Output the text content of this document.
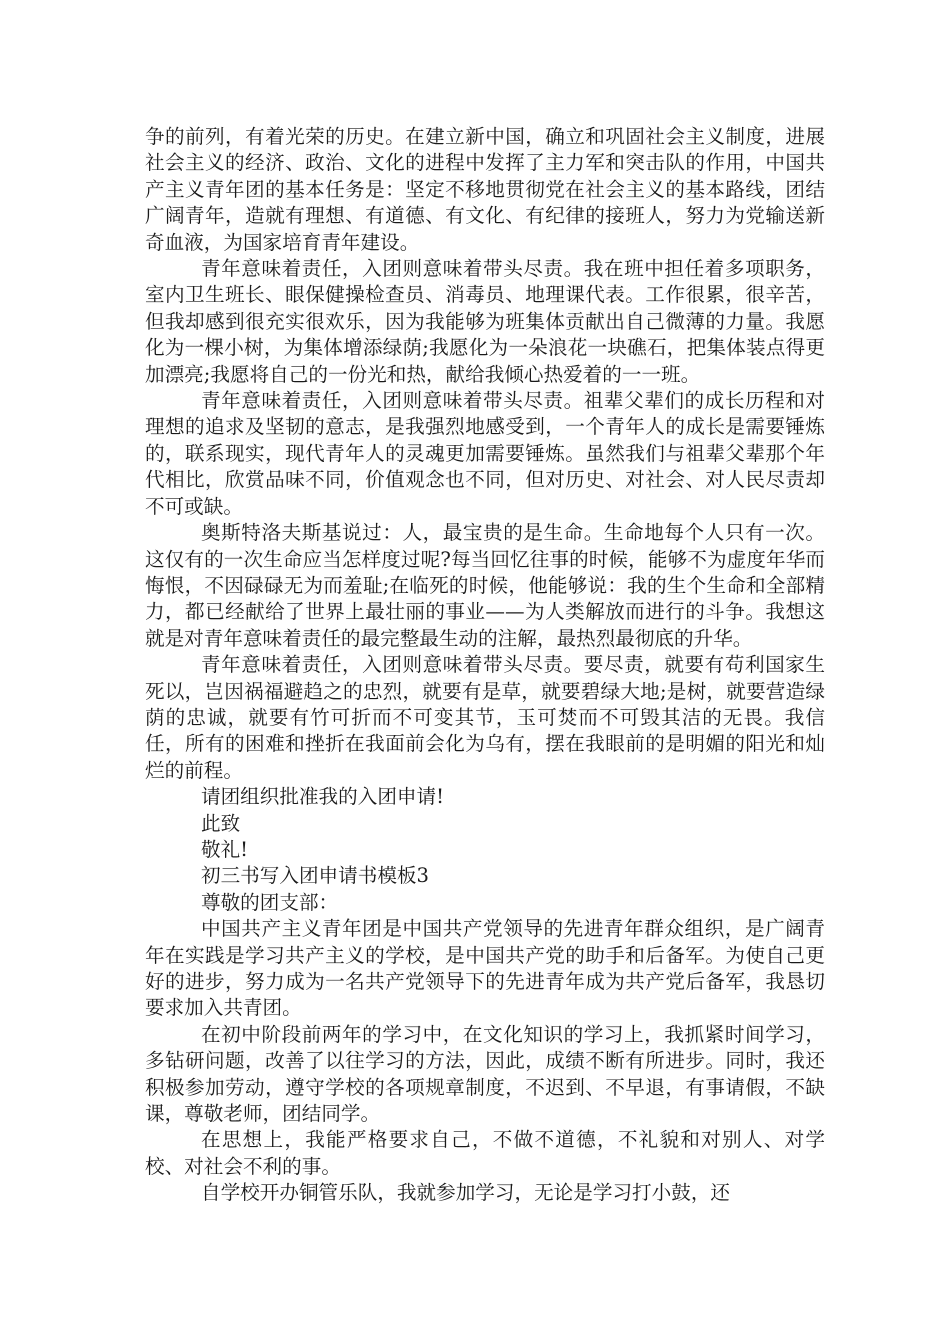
争的前列，有着光荣的历史。在建立新中国，确立和巩固社会主义制度，进展社会主义的经济、政治、文化的进程中发挥了主力军和突击队的作用，中国共产主义青年团的基本任务是：坚定不移地贯彻党在社会主义的基本路线，团结广阔青年，造就有理想、有道德、有文化、有纪律的接班人，努力为党输送新奇血液，为国家培育青年建设。

青年意味着责任，入团则意味着带头尽责。我在班中担任着多项职务，室内卫生班长、眼保健操检查员、消毒员、地理课代表。工作很累，很辛苦，但我却感到很充实很欢乐，因为我能够为班集体贡献出自己微薄的力量。我愿化为一棵小树，为集体增添绿荫;我愿化为一朵浪花一块礁石，把集体装点得更加漂亮;我愿将自己的一份光和热，献给我倾心热爱着的一一班。

青年意味着责任，入团则意味着带头尽责。祖辈父辈们的成长历程和对理想的追求及坚韧的意志，是我强烈地感受到，一个青年人的成长是需要锤炼的，联系现实，现代青年人的灵魂更加需要锤炼。虽然我们与祖辈父辈那个年代相比，欣赏品味不同，价值观念也不同，但对历史、对社会、对人民尽责却不可或缺。

奥斯特洛夫斯基说过：人，最宝贵的是生命。生命地每个人只有一次。这仅有的一次生命应当怎样度过呢?每当回忆往事的时候，能够不为虚度年华而悔恨，不因碌碌无为而羞耻;在临死的时候，他能够说：我的生个生命和全部精力，都已经献给了世界上最壮丽的事业——为人类解放而进行的斗争。我想这就是对青年意味着责任的最完整最生动的注解，最热烈最彻底的升华。

青年意味着责任，入团则意味着带头尽责。要尽责，就要有苟利国家生死以，岂因祸福避趋之的忠烈，就要有是草，就要碧绿大地;是树，就要营造绿荫的忠诚，就要有竹可折而不可变其节，玉可焚而不可毁其洁的无畏。我信任，所有的困难和挫折在我面前会化为乌有，摆在我眼前的是明媚的阳光和灿烂的前程。

请团组织批准我的入团申请!

此致

敬礼!

初三书写入团申请书模板3

尊敬的团支部：

中国共产主义青年团是中国共产党领导的先进青年群众组织，是广阔青年在实践是学习共产主义的学校，是中国共产党的助手和后备军。为使自己更好的进步，努力成为一名共产党领导下的先进青年成为共产党后备军，我恳切要求加入共青团。

在初中阶段前两年的学习中，在文化知识的学习上，我抓紧时间学习，多钻研问题，改善了以往学习的方法，因此，成绩不断有所进步。同时，我还积极参加劳动，遵守学校的各项规章制度，不迟到、不早退，有事请假，不缺课，尊敬老师，团结同学。

在思想上，我能严格要求自己，不做不道德，不礼貌和对别人、对学校、对社会不利的事。

自学校开办铜管乐队，我就参加学习，无论是学习打小鼓，还
